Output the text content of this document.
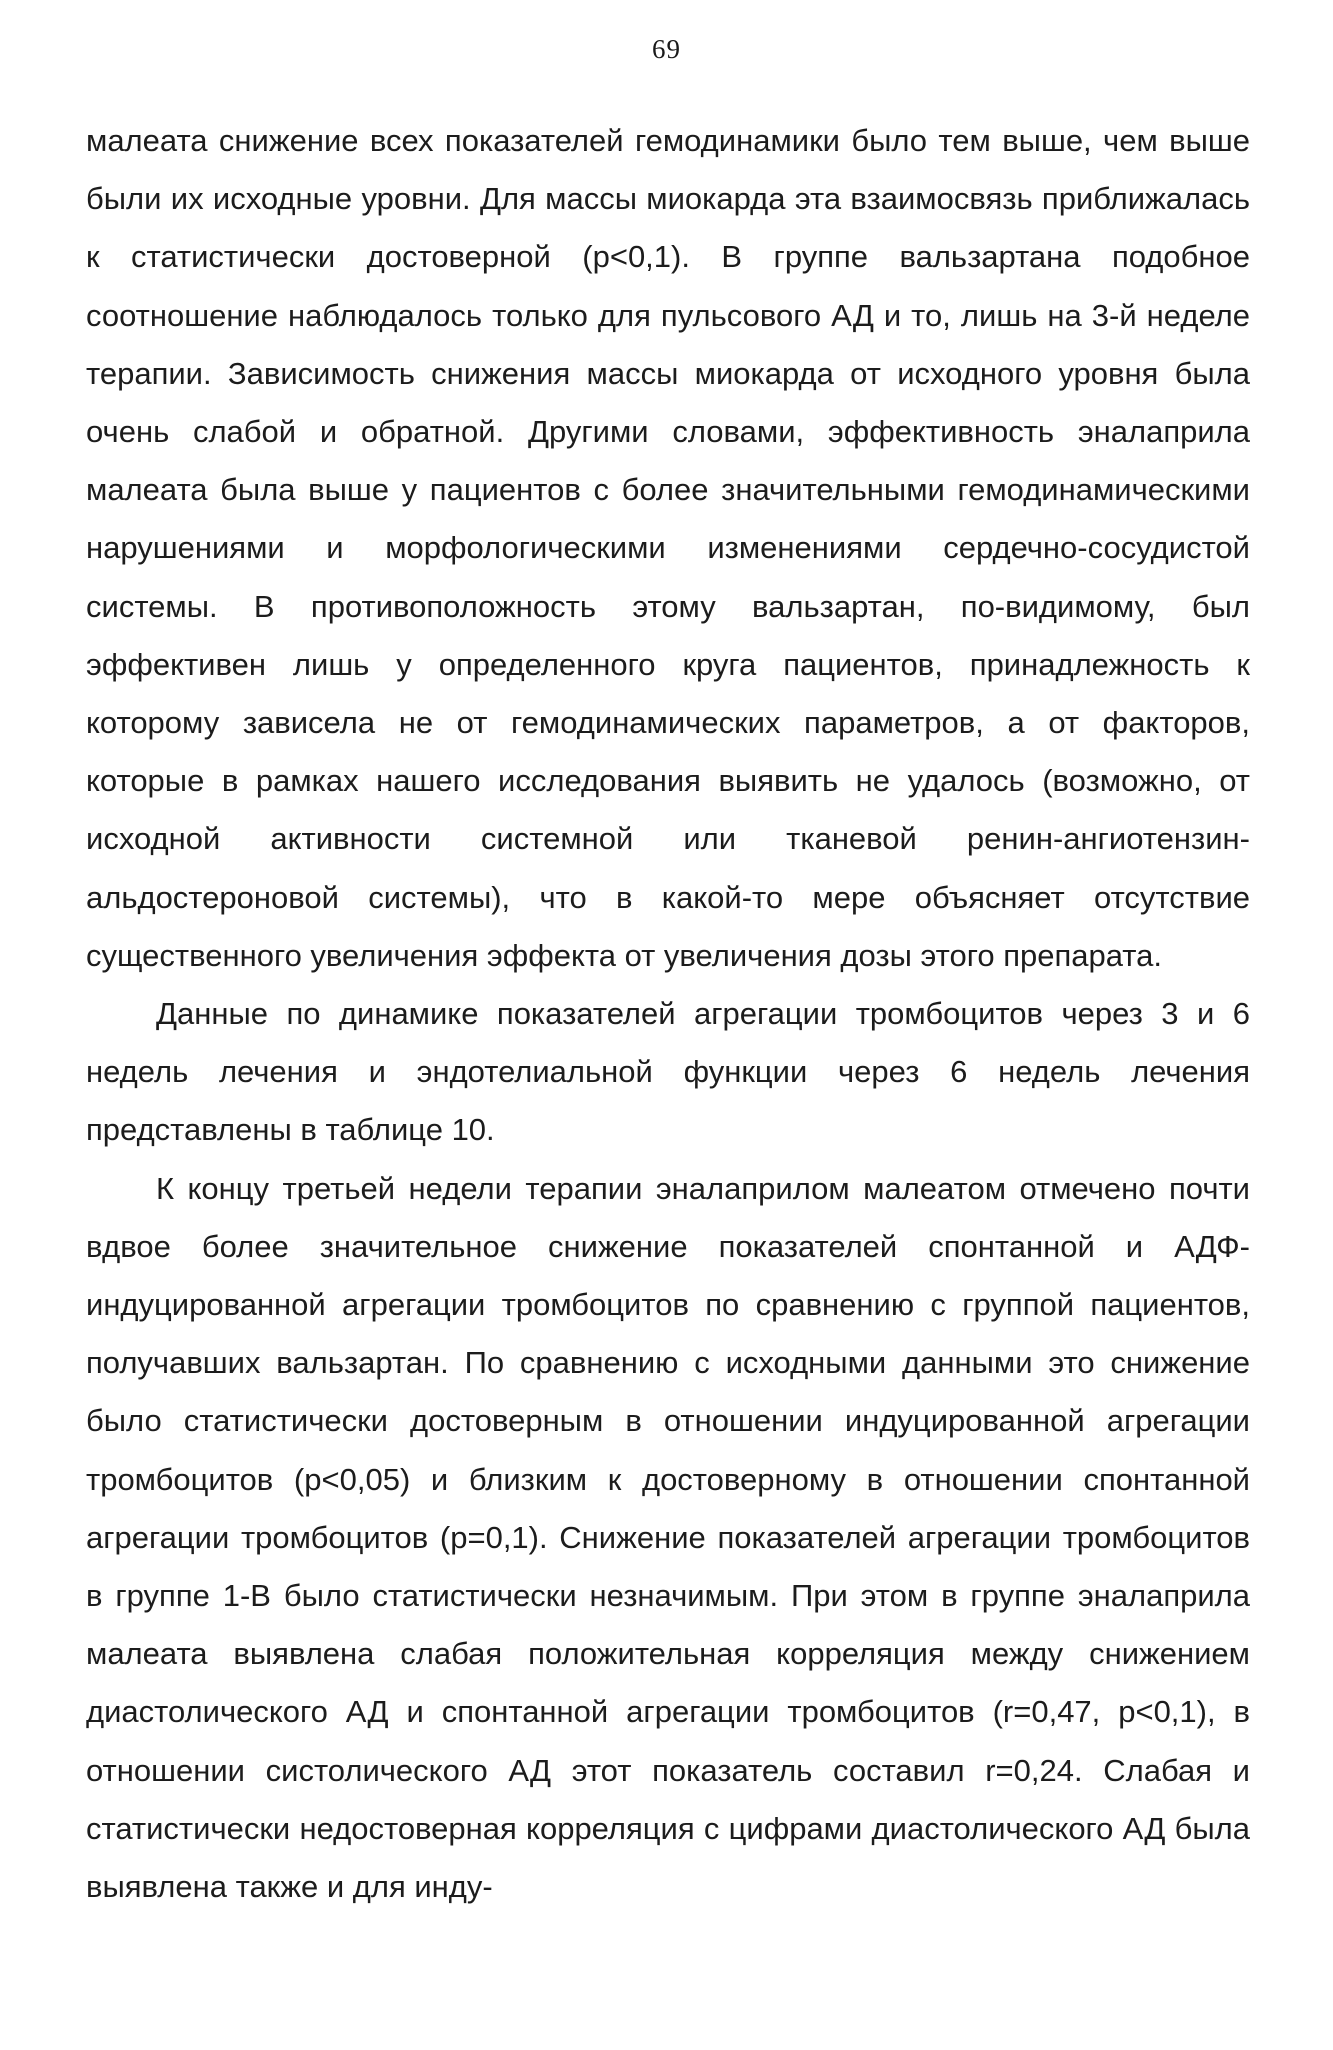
69

малеата снижение всех показателей гемодинамики было тем выше, чем выше были их исходные уровни. Для массы миокарда эта взаимосвязь приближалась к статистически достоверной (р<0,1). В группе вальзартана подобное соотношение наблюдалось только для пульсового АД и то, лишь на 3-й неделе терапии. Зависимость снижения массы миокарда от исходного уровня была очень слабой и обратной. Другими словами, эффективность эналаприла малеата была выше у пациентов с более значительными гемодинамическими нарушениями и морфологическими изменениями сердечно-сосудистой системы. В противоположность этому вальзартан, по-видимому, был эффективен лишь у определенного круга пациентов, принадлежность к которому зависела не от гемодинамических параметров, а от факторов, которые в рамках нашего исследования выявить не удалось (возможно, от исходной активности системной или тканевой ренин-ангиотензин-альдостероновой системы), что в какой-то мере объясняет отсутствие существенного увеличения эффекта от увеличения дозы этого препарата.

Данные по динамике показателей агрегации тромбоцитов через 3 и 6 недель лечения и эндотелиальной функции через 6 недель лечения представлены в таблице 10.

К концу третьей недели терапии эналаприлом малеатом отмечено почти вдвое более значительное снижение показателей спонтанной и АДФ-индуцированной агрегации тромбоцитов по сравнению с группой пациентов, получавших вальзартан. По сравнению с исходными данными это снижение было статистически достоверным в отношении индуцированной агрегации тромбоцитов (р<0,05) и близким к достоверному в отношении спонтанной агрегации тромбоцитов (р=0,1). Снижение показателей агрегации тромбоцитов в группе 1-В было статистически незначимым. При этом в группе эналаприла малеата выявлена слабая положительная корреляция между снижением диастолического АД и спонтанной агрегации тромбоцитов (r=0,47, р<0,1), в отношении систолического АД этот показатель составил r=0,24. Слабая и статистически недостоверная корреляция с цифрами диастолического АД была выявлена также и для инду-
